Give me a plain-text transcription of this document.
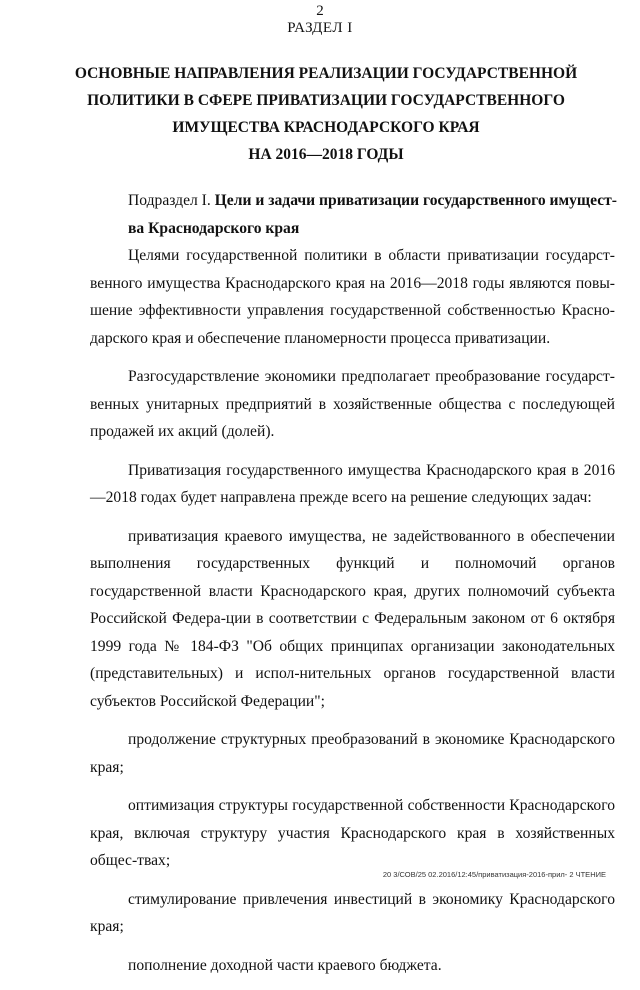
2
РАЗДЕЛ I
ОСНОВНЫЕ НАПРАВЛЕНИЯ РЕАЛИЗАЦИИ ГОСУДАРСТВЕННОЙ
ПОЛИТИКИ В СФЕРЕ ПРИВАТИЗАЦИИ ГОСУДАРСТВЕННОГО
ИМУЩЕСТВА КРАСНОДАРСКОГО КРАЯ
НА 2016—2018 ГОДЫ
Подраздел I. Цели и задачи приватизации государственного имущест-
ва Краснодарского края

Целями государственной политики в области приватизации государст-венного имущества Краснодарского края на 2016—2018 годы являются повы-шение эффективности управления государственной собственностью Красно-дарского края и обеспечение планомерности процесса приватизации.

Разгосударствление экономики предполагает преобразование государст-венных унитарных предприятий в хозяйственные общества с последующей продажей их акций (долей).

Приватизация государственного имущества Краснодарского края в 2016—2018 годах будет направлена прежде всего на решение следующих задач:

приватизация краевого имущества, не задействованного в обеспечении выполнения государственных функций и полномочий органов государственной власти Краснодарского края, других полномочий субъекта Российской Федера-ции в соответствии с Федеральным законом от 6 октября 1999 года № 184-ФЗ "Об общих принципах организации законодательных (представительных) и испол-нительных органов государственной власти субъектов Российской Федерации";

продолжение структурных преобразований в экономике Краснодарского края;

оптимизация структуры государственной собственности Краснодарского края, включая структуру участия Краснодарского края в хозяйственных общес-твах;

стимулирование привлечения инвестиций в экономику Краснодарского края;

пополнение доходной части краевого бюджета.

20 3/СОВ/25 02.2016/12:45/приватизация-2016-прил- 2 ЧТЕНИЕ
